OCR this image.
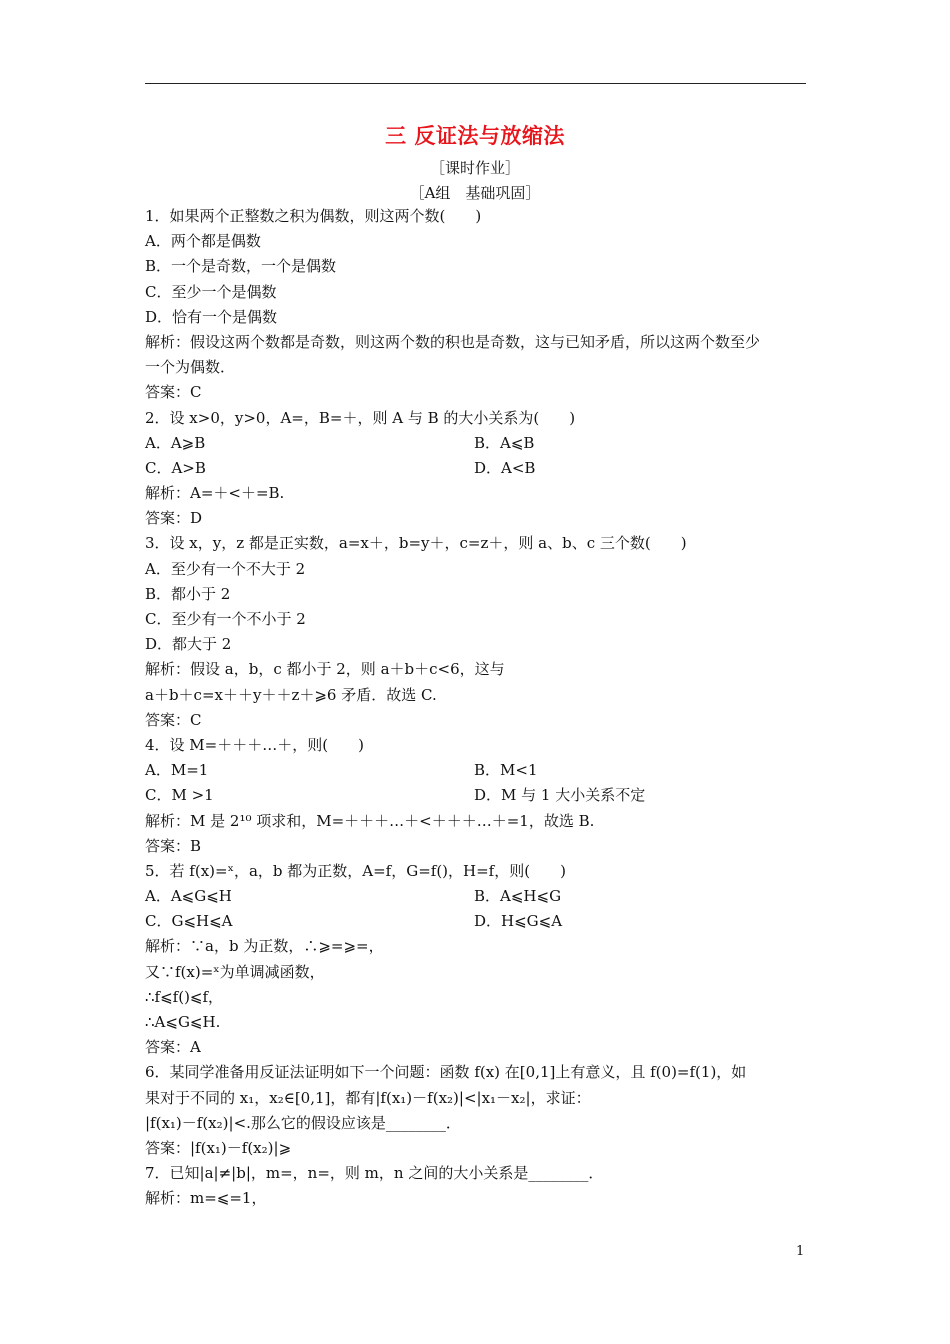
三 反证法与放缩法
［课时作业］
［A组　基础巩固］
1．如果两个正整数之积为偶数，则这两个数(　　)
A．两个都是偶数
B．一个是奇数，一个是偶数
C．至少一个是偶数
D．恰有一个是偶数
解析：假设这两个数都是奇数，则这两个数的积也是奇数，这与已知矛盾，所以这两个数至少
一个为偶数．
答案：C
2．设 x>0，y>0，A=，B=＋，则 A 与 B 的大小关系为(　　)
A．A⩾B	B．A⩽B
C．A>B	D．A<B
解析：A=＋<＋=B.
答案：D
3．设 x，y，z 都是正实数，a=x＋，b=y＋，c=z＋，则 a、b、c 三个数(　　)
A．至少有一个不大于 2
B．都小于 2
C．至少有一个不小于 2
D．都大于 2
解析：假设 a，b，c 都小于 2，则 a＋b＋c<6，这与
a＋b＋c=x＋＋y＋＋z＋⩾6 矛盾．故选 C.
答案：C
4．设 M=＋＋＋…＋，则(　　)
A．M=1	B．M<1
C．M >1	D．M 与 1 大小关系不定
解析：M 是 2¹⁰ 项求和，M=＋＋＋…＋<＋＋＋…＋=1，故选 B.
答案：B
5．若 f(x)=ˣ，a，b 都为正数，A=f，G=f()，H=f，则(　　)
A．A⩽G⩽H	B．A⩽H⩽G
C．G⩽H⩽A	D．H⩽G⩽A
解析：∵a，b 为正数，∴⩾=⩾=，
又∵f(x)=ˣ为单调减函数，
∴f⩽f()⩽f，
∴A⩽G⩽H.
答案：A
6．某同学准备用反证法证明如下一个问题：函数 f(x) 在[0,1]上有意义，且 f(0)=f(1)，如
果对于不同的 x₁，x₂∈[0,1]，都有|f(x₁)－f(x₂)|<|x₁－x₂|，求证：
|f(x₁)－f(x₂)|<.那么它的假设应该是________．
答案：|f(x₁)－f(x₂)|⩾
7．已知|a|≠|b|，m=，n=，则 m，n 之间的大小关系是________．
解析：m=⩽=1，
1
